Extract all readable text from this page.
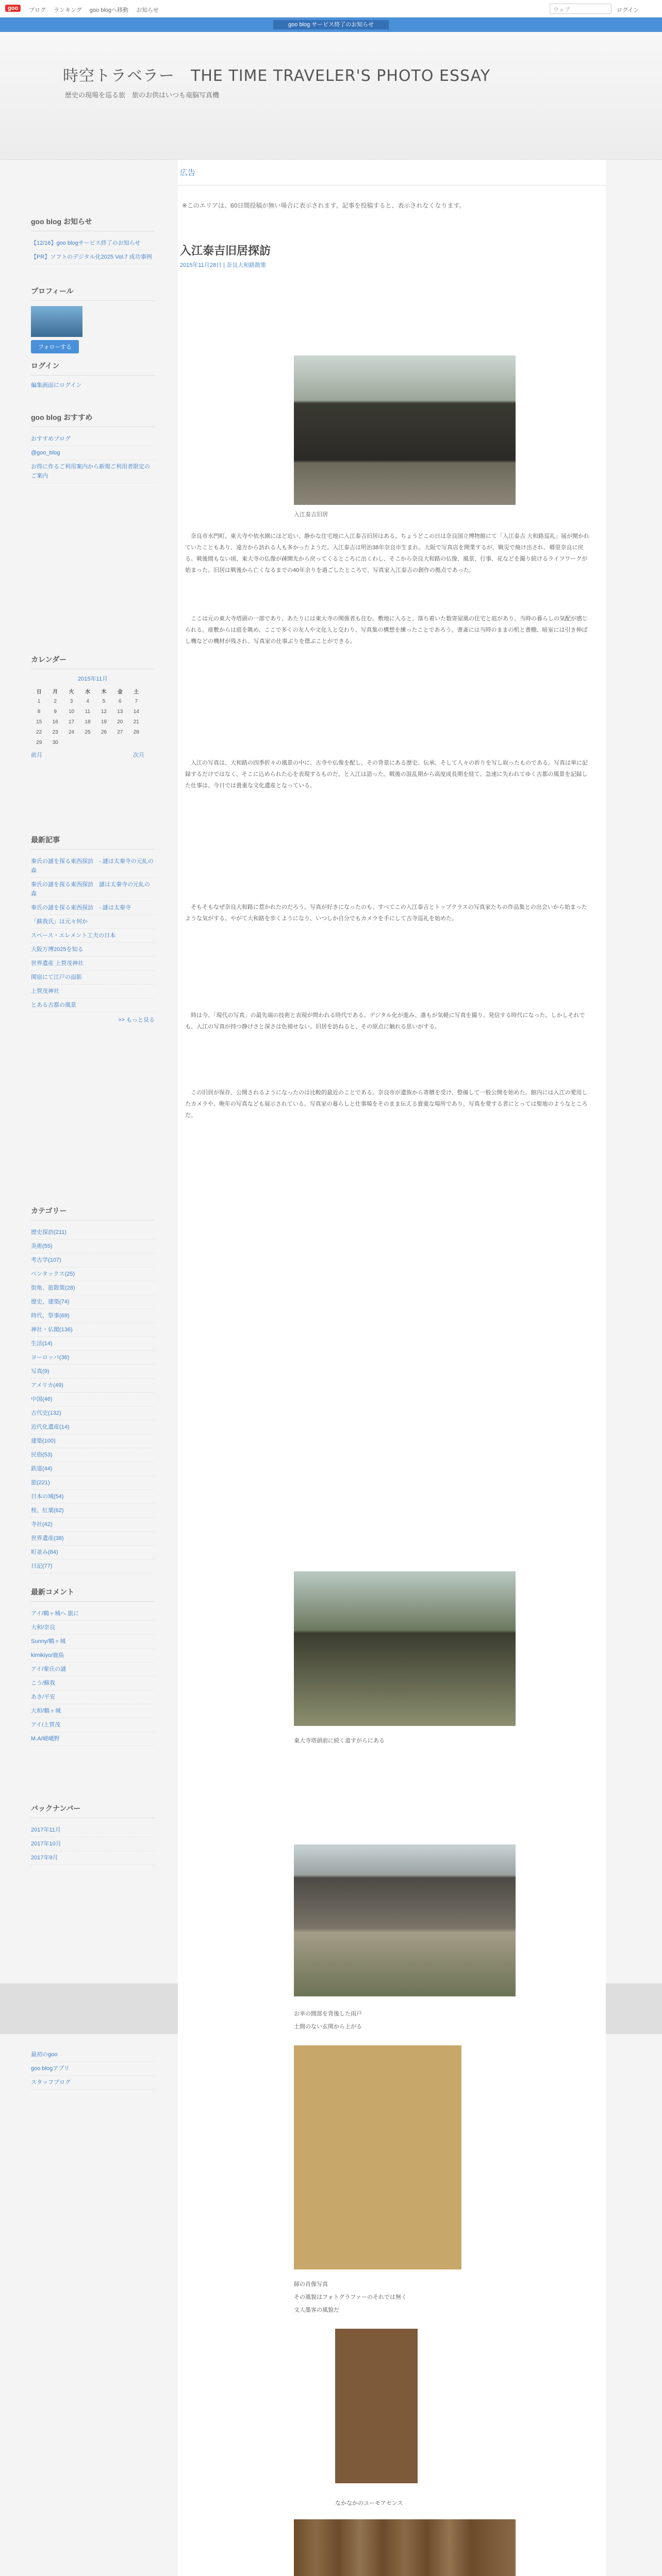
goo	ブログ ランキング goo blogへ移動 お知らせ	ウェブ	ログイン
goo blog サービス終了のお知らせ
時空トラベラー　THE TIME TRAVELER'S PHOTO ESSAY
歴史の現場を巡る旅　旅のお供はいつも竜脳写真機
goo blog お知らせ
【12/16】goo blogサービス終了のお知らせ
【PR】ソフトのデジタル化2025 Vol.7 成功事例
プロフィール
フォローする
ログイン
編集画面にログイン
goo blog おすすめ
おすすめブログ
@goo_blog
お得に作るご利用案内から新規ご利用者限定のご案内
カレンダー
2015年11月
日	月	火	水	木	金	土
1	2	3	4	5	6	7
8	9	10	11	12	13	14
15	16	17	18	19	20	21
22	23	24	25	26	27	28
29	30					
前月	次月
最新記事
秦氏の謎を探る東西探訪　- 謎は太秦寺の元糺の森
秦氏の謎を探る東西探訪　謎は太秦寺の元糺の森
秦氏の謎を探る東西探訪　- 謎は太秦寺
「蘇我氏」は元々何か
スペース・エレメント工夫の日本
大阪万博2025を知る
世界遺産 上賀茂神社
関宿にて江戸の面影
上賀茂神社
とある古都の風景
>> もっと見る
カテゴリー
歴史探訪(211)
美術(55)
考古学(107)
ペンタックス(25)
街角、旅散策(28)
歴史、建築(74)
時代、祭事(69)
神社・仏閣(136)
生活(14)
ヨーロッパ(36)
写真(9)
アメリカ(49)
中国(46)
古代史(132)
近代化遺産(14)
建築(100)
民俗(53)
鉄道(44)
旅(221)
日本の城(54)
桜、紅葉(62)
寺社(42)
世界遺産(38)
町並み(84)
日記(77)
最新コメント
アイ/鶴ヶ城へ 旅に
大和/奈良
Sunny/鶴ヶ城
kimikiyo/鹿島
アイ/秦氏の謎
こう/蘇我
あき/平安
大和/鶴ヶ城
アイ/上賀茂
M.A/嵯峨野
バックナンバー
2017年11月
2017年10月
2017年9月
最初のgoo
goo blogアプリ
スタッフブログ
広告
※このエリアは、60日間投稿が無い場合に表示されます。記事を投稿すると、表示されなくなります。
入江泰吉旧居探訪
2015年11月28日 | 奈良大和路散策
入江泰吉旧居
奈良市水門町。東大寺や依水園にほど近い、静かな住宅地に入江泰吉旧居はある。ちょうどこの日は奈良国立博物館にて「入江泰吉 大和路巡礼」展が開かれていたこともあり、遠方から訪れる人も多かったようだ。入江泰吉は明治38年奈良市生まれ。大阪で写真店を開業するが、戦災で焼け出され、郷里奈良に戻る。戦後間もない頃、東大寺の仏像が疎開先から戻ってくるところに出くわし、そこから奈良大和路の仏像、風景、行事、花などを撮り続けるライフワークが始まった。旧居は戦後から亡くなるまでの40年余りを過ごしたところで、写真家入江泰吉の創作の拠点であった。
ここは元の東大寺塔頭の一部であり、あたりには東大寺の関係者も住む。敷地に入ると、落ち着いた数寄屋風の住宅と庭があり、当時の暮らしの気配が感じられる。座敷からは庭を眺め、ここで多くの友人や文化人と交わり、写真集の構想を練ったことであろう。書斎には当時のままの机と書棚、暗室には引き伸ばし機などの機材が残され、写真家の仕事ぶりを偲ぶことができる。
入江の写真は、大和路の四季折々の風景の中に、古寺や仏像を配し、その背景にある歴史、伝承、そして人々の祈りを写し取ったものである。写真は単に記録するだけではなく、そこに込められた心を表現するものだ、と入江は語った。戦後の混乱期から高度成長期を経て、急速に失われてゆく古都の風景を記録した仕事は、今日では貴重な文化遺産となっている。
そもそもなぜ奈良大和路に惹かれたのだろう。写真が好きになったのも、すべてこの入江泰吉とトップクラスの写真家たちの作品集との出会いから始まったような気がする。やがて大和路を歩くようになり、いつしか自分でもカメラを手にして古寺巡礼を始めた。
時は今、「現代の写真」の最先端の技術と表現が問われる時代である。デジタル化が進み、誰もが気軽に写真を撮り、発信する時代になった。しかしそれでも、入江の写真が持つ静けさと深さは色褪せない。旧居を訪ねると、その原点に触れる思いがする。
この旧居が保存、公開されるようになったのは比較的最近のことである。奈良市が遺族から寄贈を受け、整備して一般公開を始めた。館内には入江の愛用したカメラや、晩年の写真なども展示されている。写真家の暮らしと仕事場をそのまま伝える貴重な場所であり、写真を愛する者にとっては聖地のようなところだ。
東大寺塔頭前に続く道すがらにある
お幸の間部を背後した雨戸
土間のない玄関から上がる
師の肖像写真
その風貌はフォトグラファーのそれでは無く
文人墨客の風貌だ
なかなかのユーモアセンス
